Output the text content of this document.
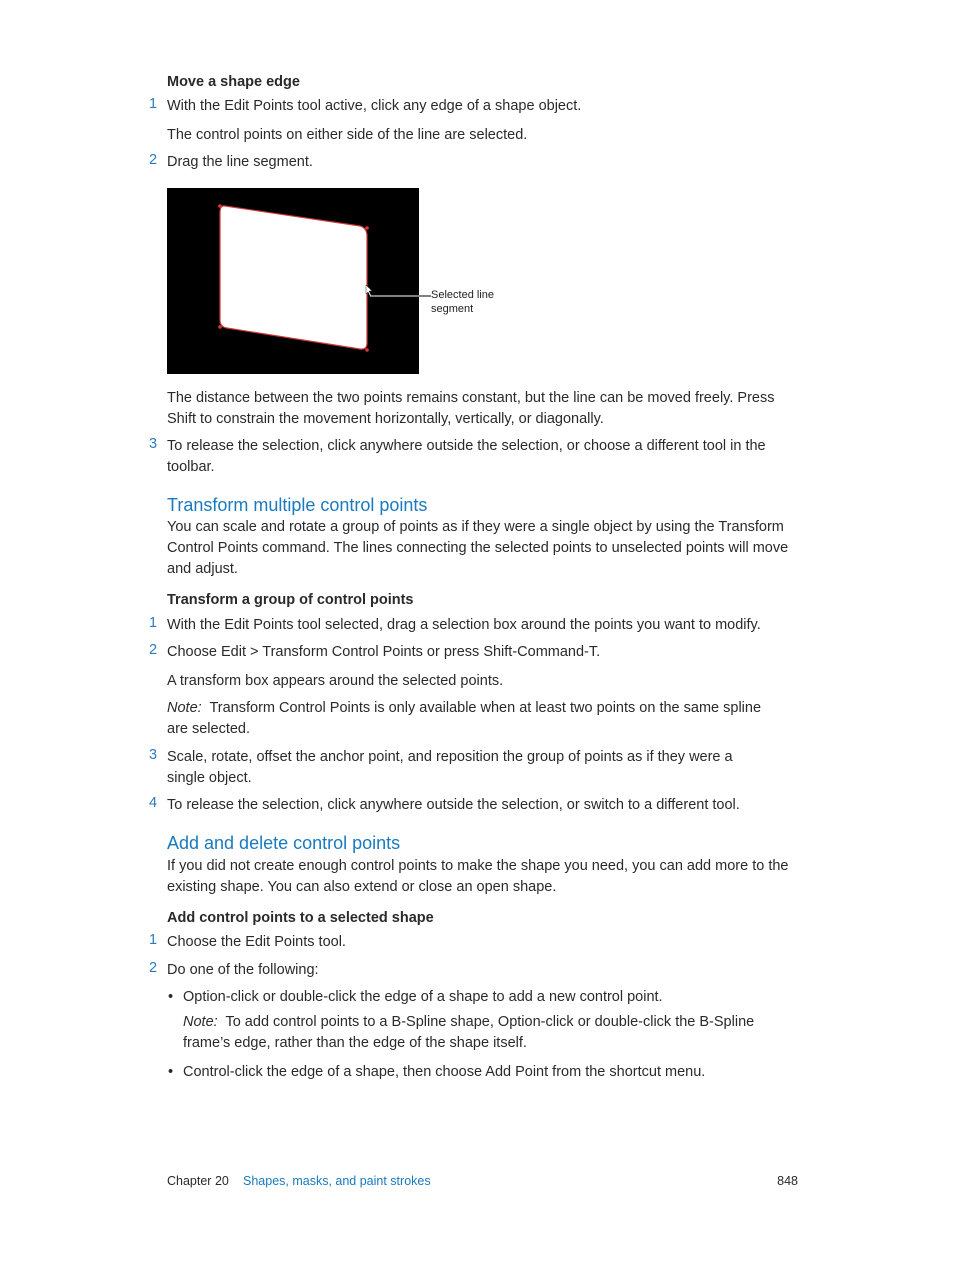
Move a shape edge
1 With the Edit Points tool active, click any edge of a shape object.
The control points on either side of the line are selected.
2 Drag the line segment.
Selected line
segment
The distance between the two points remains constant, but the line can be moved freely. Press Shift to constrain the movement horizontally, vertically, or diagonally.
3 To release the selection, click anywhere outside the selection, or choose a different tool in the toolbar.
Transform multiple control points
You can scale and rotate a group of points as if they were a single object by using the Transform Control Points command. The lines connecting the selected points to unselected points will move and adjust.
Transform a group of control points
1 With the Edit Points tool selected, drag a selection box around the points you want to modify.
2 Choose Edit > Transform Control Points or press Shift-Command-T.
A transform box appears around the selected points.
Note: Transform Control Points is only available when at least two points on the same spline are selected.
3 Scale, rotate, offset the anchor point, and reposition the group of points as if they were a single object.
4 To release the selection, click anywhere outside the selection, or switch to a different tool.
Add and delete control points
If you did not create enough control points to make the shape you need, you can add more to the existing shape. You can also extend or close an open shape.
Add control points to a selected shape
1 Choose the Edit Points tool.
2 Do one of the following:
• Option-click or double-click the edge of a shape to add a new control point.
Note: To add control points to a B-Spline shape, Option-click or double-click the B-Spline frame’s edge, rather than the edge of the shape itself.
• Control-click the edge of a shape, then choose Add Point from the shortcut menu.
Chapter 20 Shapes, masks, and paint strokes	848
